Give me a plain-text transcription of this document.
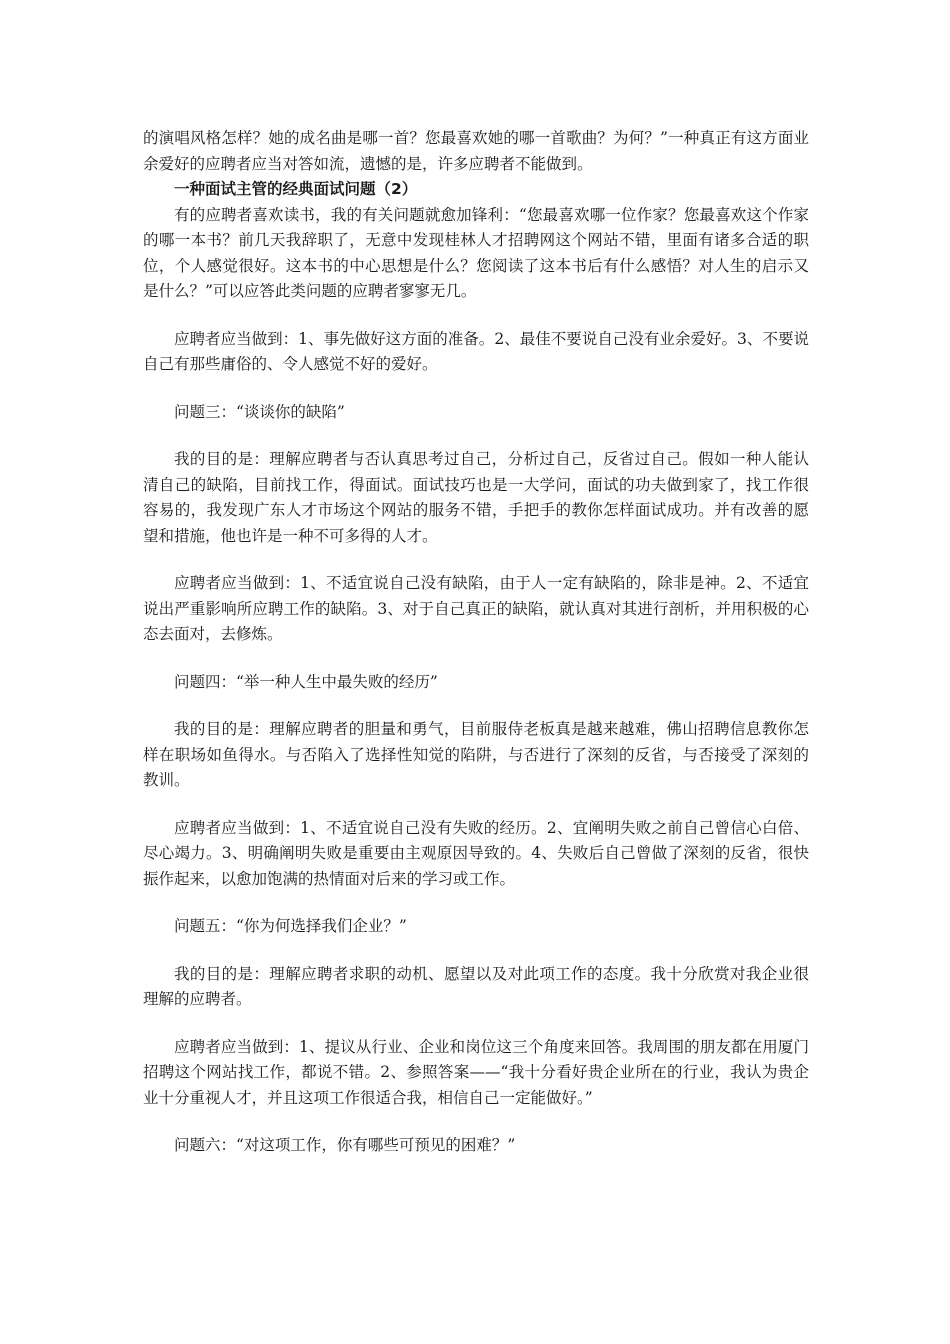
的演唱风格怎样？她的成名曲是哪一首？您最喜欢她的哪一首歌曲？为何？”一种真正有这方面业余爱好的应聘者应当对答如流，遗憾的是，许多应聘者不能做到。

一种面试主管的经典面试问题（2）

有的应聘者喜欢读书，我的有关问题就愈加锋利：“您最喜欢哪一位作家？您最喜欢这个作家的哪一本书？前几天我辞职了，无意中发现桂林人才招聘网这个网站不错，里面有诸多合适的职位，个人感觉很好。这本书的中心思想是什么？您阅读了这本书后有什么感悟？对人生的启示又是什么？”可以应答此类问题的应聘者寥寥无几。

应聘者应当做到：1、事先做好这方面的准备。2、最佳不要说自己没有业余爱好。3、不要说自己有那些庸俗的、令人感觉不好的爱好。

问题三：“谈谈你的缺陷”

我的目的是：理解应聘者与否认真思考过自己，分析过自己，反省过自己。假如一种人能认清自己的缺陷，目前找工作，得面试。面试技巧也是一大学问，面试的功夫做到家了，找工作很容易的，我发现广东人才市场这个网站的服务不错，手把手的教你怎样面试成功。并有改善的愿望和措施，他也许是一种不可多得的人才。

应聘者应当做到：1、不适宜说自己没有缺陷，由于人一定有缺陷的，除非是神。2、不适宜说出严重影响所应聘工作的缺陷。3、对于自己真正的缺陷，就认真对其进行剖析，并用积极的心态去面对，去修炼。

问题四：“举一种人生中最失败的经历”

我的目的是：理解应聘者的胆量和勇气，目前服侍老板真是越来越难，佛山招聘信息教你怎样在职场如鱼得水。与否陷入了选择性知觉的陷阱，与否进行了深刻的反省，与否接受了深刻的教训。

应聘者应当做到：1、不适宜说自己没有失败的经历。2、宜阐明失败之前自己曾信心白倍、尽心竭力。3、明确阐明失败是重要由主观原因导致的。4、失败后自己曾做了深刻的反省，很快振作起来，以愈加饱满的热情面对后来的学习或工作。

问题五：“你为何选择我们企业？”

我的目的是：理解应聘者求职的动机、愿望以及对此项工作的态度。我十分欣赏对我企业很理解的应聘者。

应聘者应当做到：1、提议从行业、企业和岗位这三个角度来回答。我周围的朋友都在用厦门招聘这个网站找工作，都说不错。2、参照答案——“我十分看好贵企业所在的行业，我认为贵企业十分重视人才，并且这项工作很适合我，相信自己一定能做好。”

问题六：“对这项工作，你有哪些可预见的困难？”
